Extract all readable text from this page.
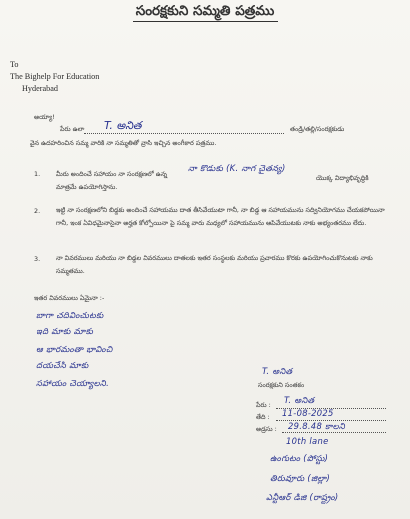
సంరక్షకుని సమ్మతి పత్రము
To
The Bighelp For Education
Hyderabad
అయ్యా!
పేరు ఉలా T. అనిత	తండ్రి/తల్లి/సంరక్షకుడు
వైన ఉదహరించిన సమ్మ వారికి నా సమ్మతితో వ్రాసి ఇచ్చిన అంగీకార పత్రము.
1. మీరు అందించే సహాయం నా సంరక్షణలో ఉన్న
నా కొడుకు (K. నాగ చైతన్య)
యొక్క విద్యాభివృద్ధికి
మాత్రమే ఉపయోగిస్తాను.
2. ఇట్టి నా సంరక్షణలోని బిడ్డకు అందించే సహాయము దాత తీసివేయుటా గానీ, నా బిడ్డ ఆ సహాయమును సద్వినియోగము చేయకపోయినా గానీ, ఇంక ఏవిధమైనాసైనా అర్హత కోల్పోయినా పై సమ్మ వారు మధ్యలో సహాయమును ఆపివేయుటకు నాకు అభ్యంతరము లేదు.
3. నా వివరములు మరియు నా బిడ్డల వివరములు దాతలకు ఇతర సంస్థలకు మరియు ప్రచారము కొరకు ఉపయోగించుకొనుటకు నాకు సమ్మతము.
ఇతర వివరములు ఏమైనా :-
బాగా చదివించుటకు
ఇది మాకు మాకు
ఆ భారమంతా భావించి
దయచేసి మాకు
సహాయం చెయ్యాలని.
T. అనిత
సంరక్షకుని సంతకం
పేరు : T. అనిత
తేది : 11-08-2025
అడ్రసు : 29.8.48 కాలని
10th lane
ఉంగుటం (పోస్టు)
తిరువూరు (జిల్లా)
ఎన్టీఆర్ డిజి (రాష్ట్రం)
